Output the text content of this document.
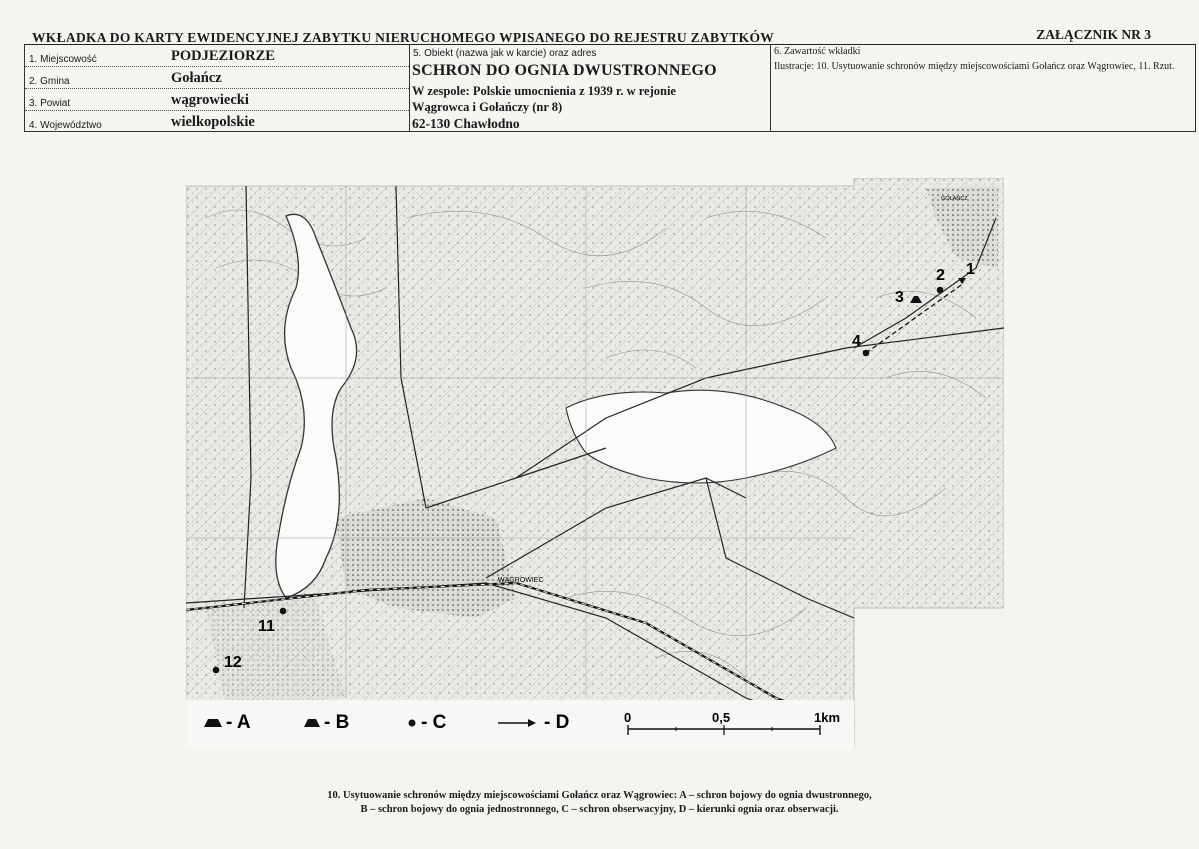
WKŁADKA DO KARTY EWIDENCYJNEJ ZABYTKU NIERUCHOMEGO WPISANEGO DO REJESTRU ZABYTKÓW	ZAŁĄCZNIK NR 3
1. Miejscowość	PODJEZIORZE
2. Gmina	Gołańcz
3. Powiat	wągrowiecki
4. Województwo	wielkopolskie
5. Obiekt (nazwa jak w karcie) oraz adres
SCHRON DO OGNIA DWUSTRONNEGO
W zespole: Polskie umocnienia z 1939 r. w rejonie
Wągrowca i Gołańczy (nr 8)
62-130 Chawłodno
6. Zawartość wkładki
Ilustracje: 10. Usytuowanie schronów między miejscowościami Gołańcz oraz Wągrowiec, 11. Rzut.
1
2
3
4
11
12
GOŁAŃCZ
WĄGROWIEC
- A	- B	- C	- D	0	0,5	1km
10. Usytuowanie schronów między miejscowościami Gołańcz oraz Wągrowiec: A – schron bojowy do ognia dwustronnego,
B – schron bojowy do ognia jednostronnego, C – schron obserwacyjny, D – kierunki ognia oraz obserwacji.
